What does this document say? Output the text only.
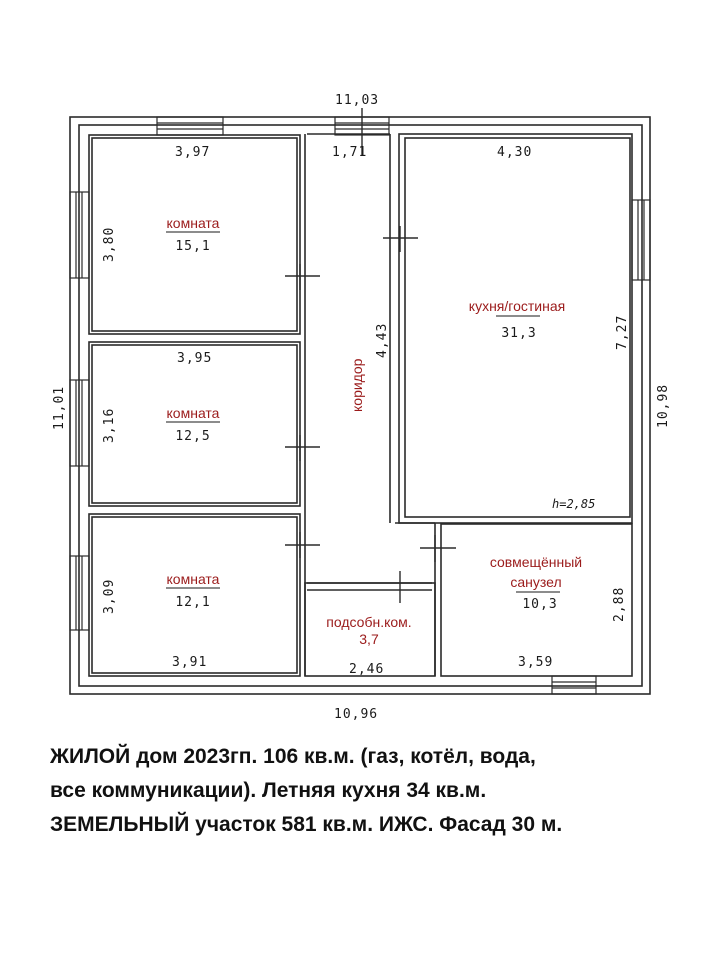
11,03
3,97	1,71	4,30
3,95
3,91	2,46	3,59
10,96
11,01
3,80
3,16
3,09
4,43	7,27
2,88
10,98
h=2,85
комната
15,1
комната
12,5
комната
12,1
кухня/гостиная
31,3
коридор
подсобн.ком.
3,7
совмещённый
санузел
10,3
ЖИЛОЙ дом 2023гп. 106 кв.м. (газ, котёл, вода,
все коммуникации). Летняя кухня 34 кв.м.
ЗЕМЕЛЬНЫЙ участок 581 кв.м. ИЖС. Фасад 30 м.
